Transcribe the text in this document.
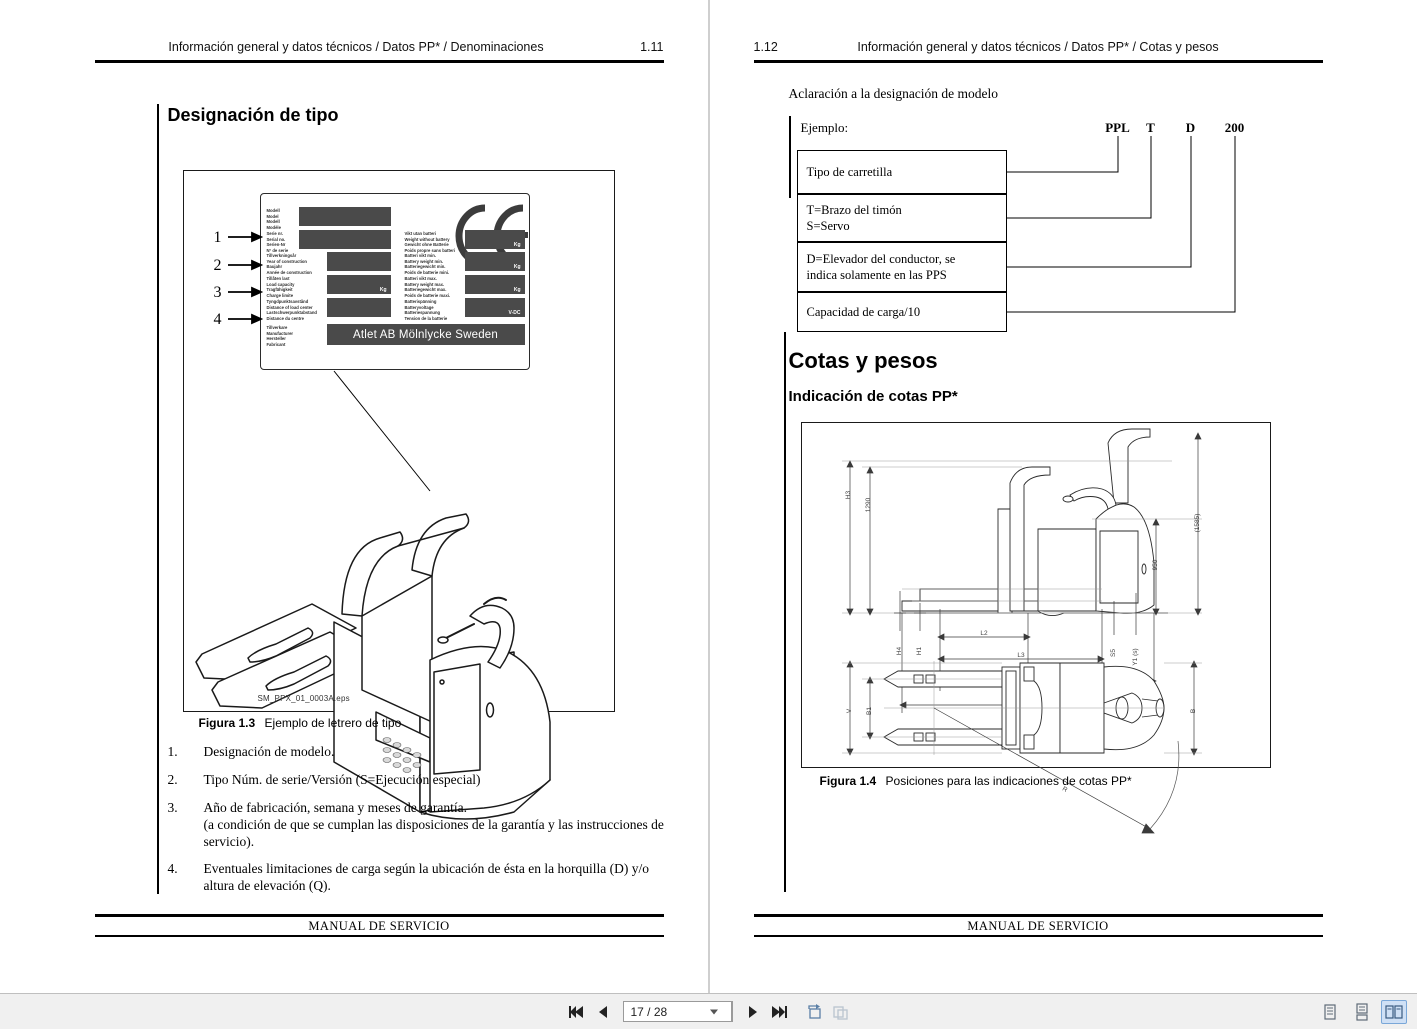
Información general y datos técnicos / Datos PP* / Denominaciones	1.11
Designación de tipo
Modell
Model
Modell
Modèle
Serie nr.
Serial no.
Serien-Nr
N° de serie
Tillverkningsår
Year of construction
Baujahr
Année de construction
Tillåten last
Load capacity
Tragfähigkeit
Charge limite
Kg
Tyngdpunktsavstånd
Distance of load center
Lastschwerpunktabstand
Distance du centre
Tillverkare
Manufacturer
Hersteller
Fabricant
Vikt utan batteri
Weight without battery
Gewicht ohne Batterie
Poids propre sans batteri
Kg
Batteri vikt min.
Battery weight min.
Batteriegewicht min.
Poids de batterie mini.
Kg
Batteri vikt max.
Battery weight max.
Batteriegewicht max.
Poids de batterie maxi.
Kg
Batterispänning
Batteryvoltage
Batteriespannung
Tension de la batterie
V-DC
Atlet AB Mölnlycke Sweden
1
2
3
4
SM_PPX_01_0003A.eps
Figura 1.3 Ejemplo de letrero de tipo
1.	Designación de modelo.
2.	Tipo Núm. de serie/Versión (S=Ejecución especial)
3.	Año de fabricación, semana y meses de garantía.
(a condición de que se cumplan las disposiciones de la garantía y las instrucciones de servicio).
4.	Eventuales limitaciones de carga según la ubicación de ésta en la horquilla (D) y/o altura de elevación (Q).
MANUAL DE SERVICIO
1.12	Información general y datos técnicos / Datos PP* / Cotas y pesos
Aclaración a la designación de modelo
Ejemplo:	PPL	T	D	200
Tipo de carretilla
T=Brazo del timón
S=Servo
D=Elevador del conductor, se
indica solamente en las PPS
Capacidad de carga/10
Cotas y pesos
Indicación de cotas PP*
H3
1290
H4 H1
L2
L3	S5 Y1 (s)
950
(1585)
V B1	B
R
Figura 1.4 Posiciones para las indicaciones de cotas PP*
MANUAL DE SERVICIO
17 / 28
